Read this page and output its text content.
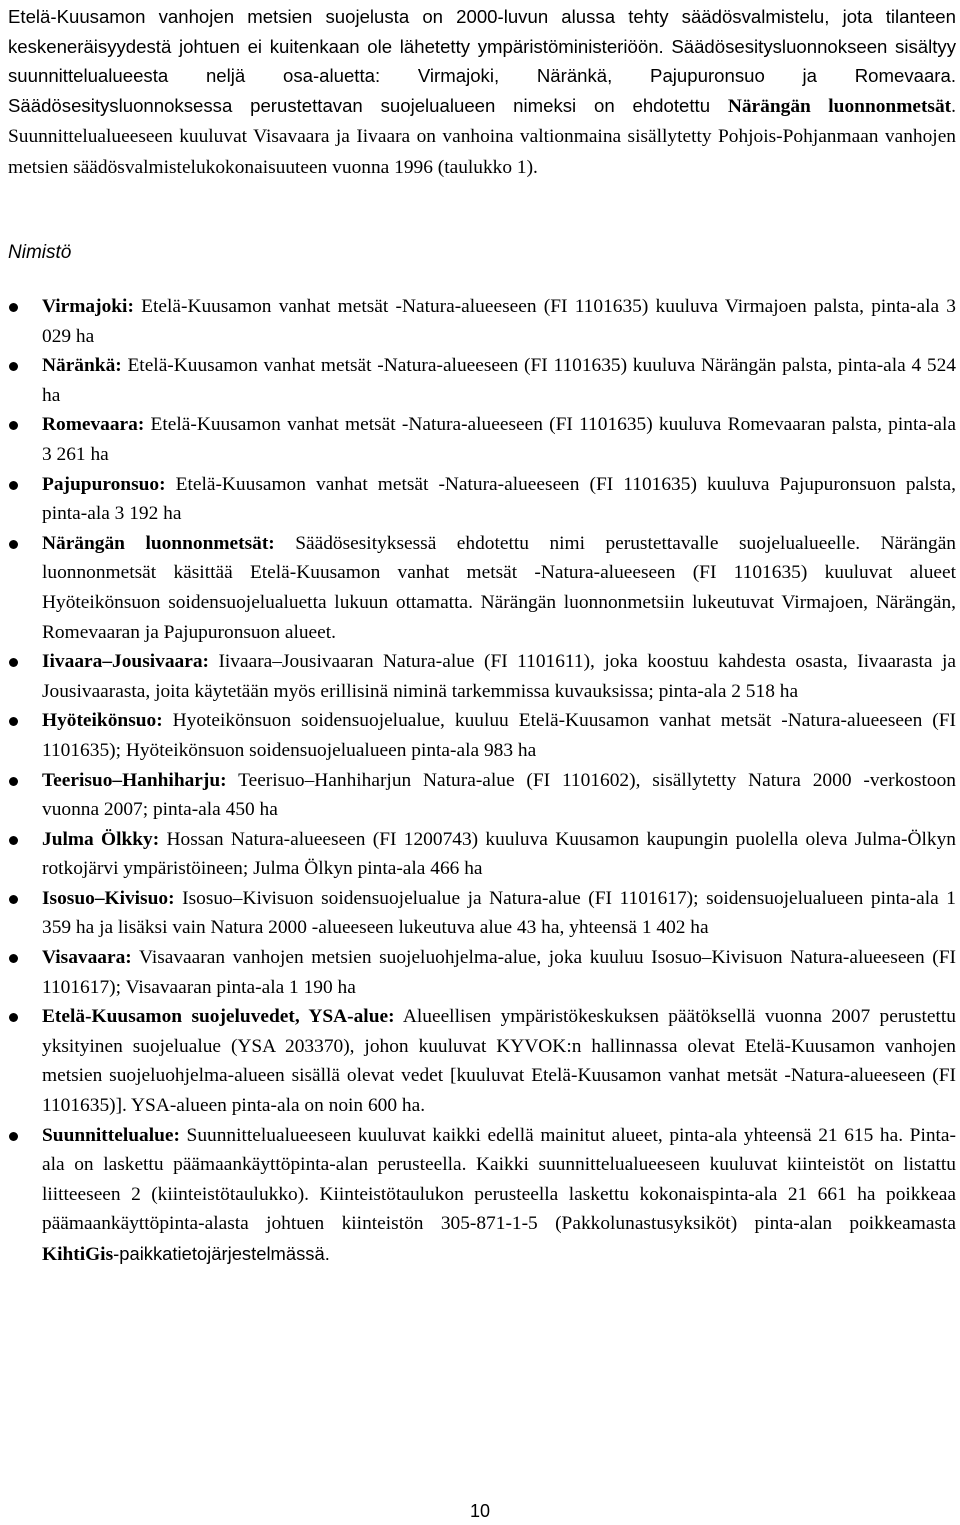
Etelä-Kuusamon vanhojen metsien suojelusta on 2000-luvun alussa tehty säädösvalmistelu, jota tilanteen keskeneräisyydestä johtuen ei kuitenkaan ole lähetetty ympäristöministeriöön. Säädösesitysluonnokseen sisältyy suunnittelualueesta neljä osa-aluetta: Virmajoki, Näränkä, Pajupuronsuo ja Romevaara. Säädösesitysluonnoksessa perustettavan suojelualueen nimeksi on ehdotettu Närängän luonnonmetsät. Suunnittelualueeseen kuuluvat Visavaara ja Iivaara on vanhoina valtionmaina sisällytetty Pohjois-Pohjanmaan vanhojen metsien säädösvalmistelukokonaisuuteen vuonna 1996 (taulukko 1).

Nimistö
Virmajoki: Etelä-Kuusamon vanhat metsät -Natura-alueeseen (FI 1101635) kuuluva Virmajoen palsta, pinta-ala 3 029 ha
Näränkä: Etelä-Kuusamon vanhat metsät -Natura-alueeseen (FI 1101635) kuuluva Närängän palsta, pinta-ala 4 524 ha
Romevaara: Etelä-Kuusamon vanhat metsät -Natura-alueeseen (FI 1101635) kuuluva Romevaaran palsta, pinta-ala 3 261 ha
Pajupuronsuo: Etelä-Kuusamon vanhat metsät -Natura-alueeseen (FI 1101635) kuuluva Pajupuronsuon palsta, pinta-ala 3 192 ha
Närängän luonnonmetsät: Säädösesityksessä ehdotettu nimi perustettavalle suojelualueelle. Närängän luonnonmetsät käsittää Etelä-Kuusamon vanhat metsät -Natura-alueeseen (FI 1101635) kuuluvat alueet Hyöteikönsuon soidensuojelualuetta lukuun ottamatta. Närängän luonnonmetsiin lukeutuvat Virmajoen, Närängän, Romevaaran ja Pajupuronsuon alueet.
Iivaara–Jousivaara: Iivaara–Jousivaaran Natura-alue (FI 1101611), joka koostuu kahdesta osasta, Iivaarasta ja Jousivaarasta, joita käytetään myös erillisinä niminä tarkemmissa kuvauksissa; pinta-ala 2 518 ha
Hyöteikönsuo: Hyoteikönsuon soidensuojelualue, kuuluu Etelä-Kuusamon vanhat metsät -Natura-alueeseen (FI 1101635); Hyöteikönsuon soidensuojelualueen pinta-ala 983 ha
Teerisuo–Hanhiharju: Teerisuo–Hanhiharjun Natura-alue (FI 1101602), sisällytetty Natura 2000 -verkostoon vuonna 2007; pinta-ala 450 ha
Julma Ölkky: Hossan Natura-alueeseen (FI 1200743) kuuluva Kuusamon kaupungin puolella oleva Julma-Ölkyn rotkojärvi ympäristöineen; Julma Ölkyn pinta-ala 466 ha
Isosuo–Kivisuo: Isosuo–Kivisuon soidensuojelualue ja Natura-alue (FI 1101617); soidensuojelualueen pinta-ala 1 359 ha ja lisäksi vain Natura 2000 -alueeseen lukeutuva alue 43 ha, yhteensä 1 402 ha
Visavaara: Visavaaran vanhojen metsien suojeluohjelma-alue, joka kuuluu Isosuo–Kivisuon Natura-alueeseen (FI 1101617); Visavaaran pinta-ala 1 190 ha
Etelä-Kuusamon suojeluvedet, YSA-alue: Alueellisen ympäristökeskuksen päätöksellä vuonna 2007 perustettu yksityinen suojelualue (YSA 203370), johon kuuluvat KYVOK:n hallinnassa olevat Etelä-Kuusamon vanhojen metsien suojeluohjelma-alueen sisällä olevat vedet [kuuluvat Etelä-Kuusamon vanhat metsät -Natura-alueeseen (FI 1101635)]. YSA-alueen pinta-ala on noin 600 ha.
Suunnittelualue: Suunnittelualueeseen kuuluvat kaikki edellä mainitut alueet, pinta-ala yhteensä 21 615 ha. Pinta-ala on laskettu päämaankäyttöpinta-alan perusteella. Kaikki suunnittelualueeseen kuuluvat kiinteistöt on listattu liitteeseen 2 (kiinteistötaulukko). Kiinteistötaulukon perusteella laskettu kokonaispinta-ala 21 661 ha poikkeaa päämaankäyttöpinta-alasta johtuen kiinteistön 305-871-1-5 (Pakkolunastusyksiköt) pinta-alan poikkeamasta KihtiGis-paikkatietojärjestelmässä.
10
